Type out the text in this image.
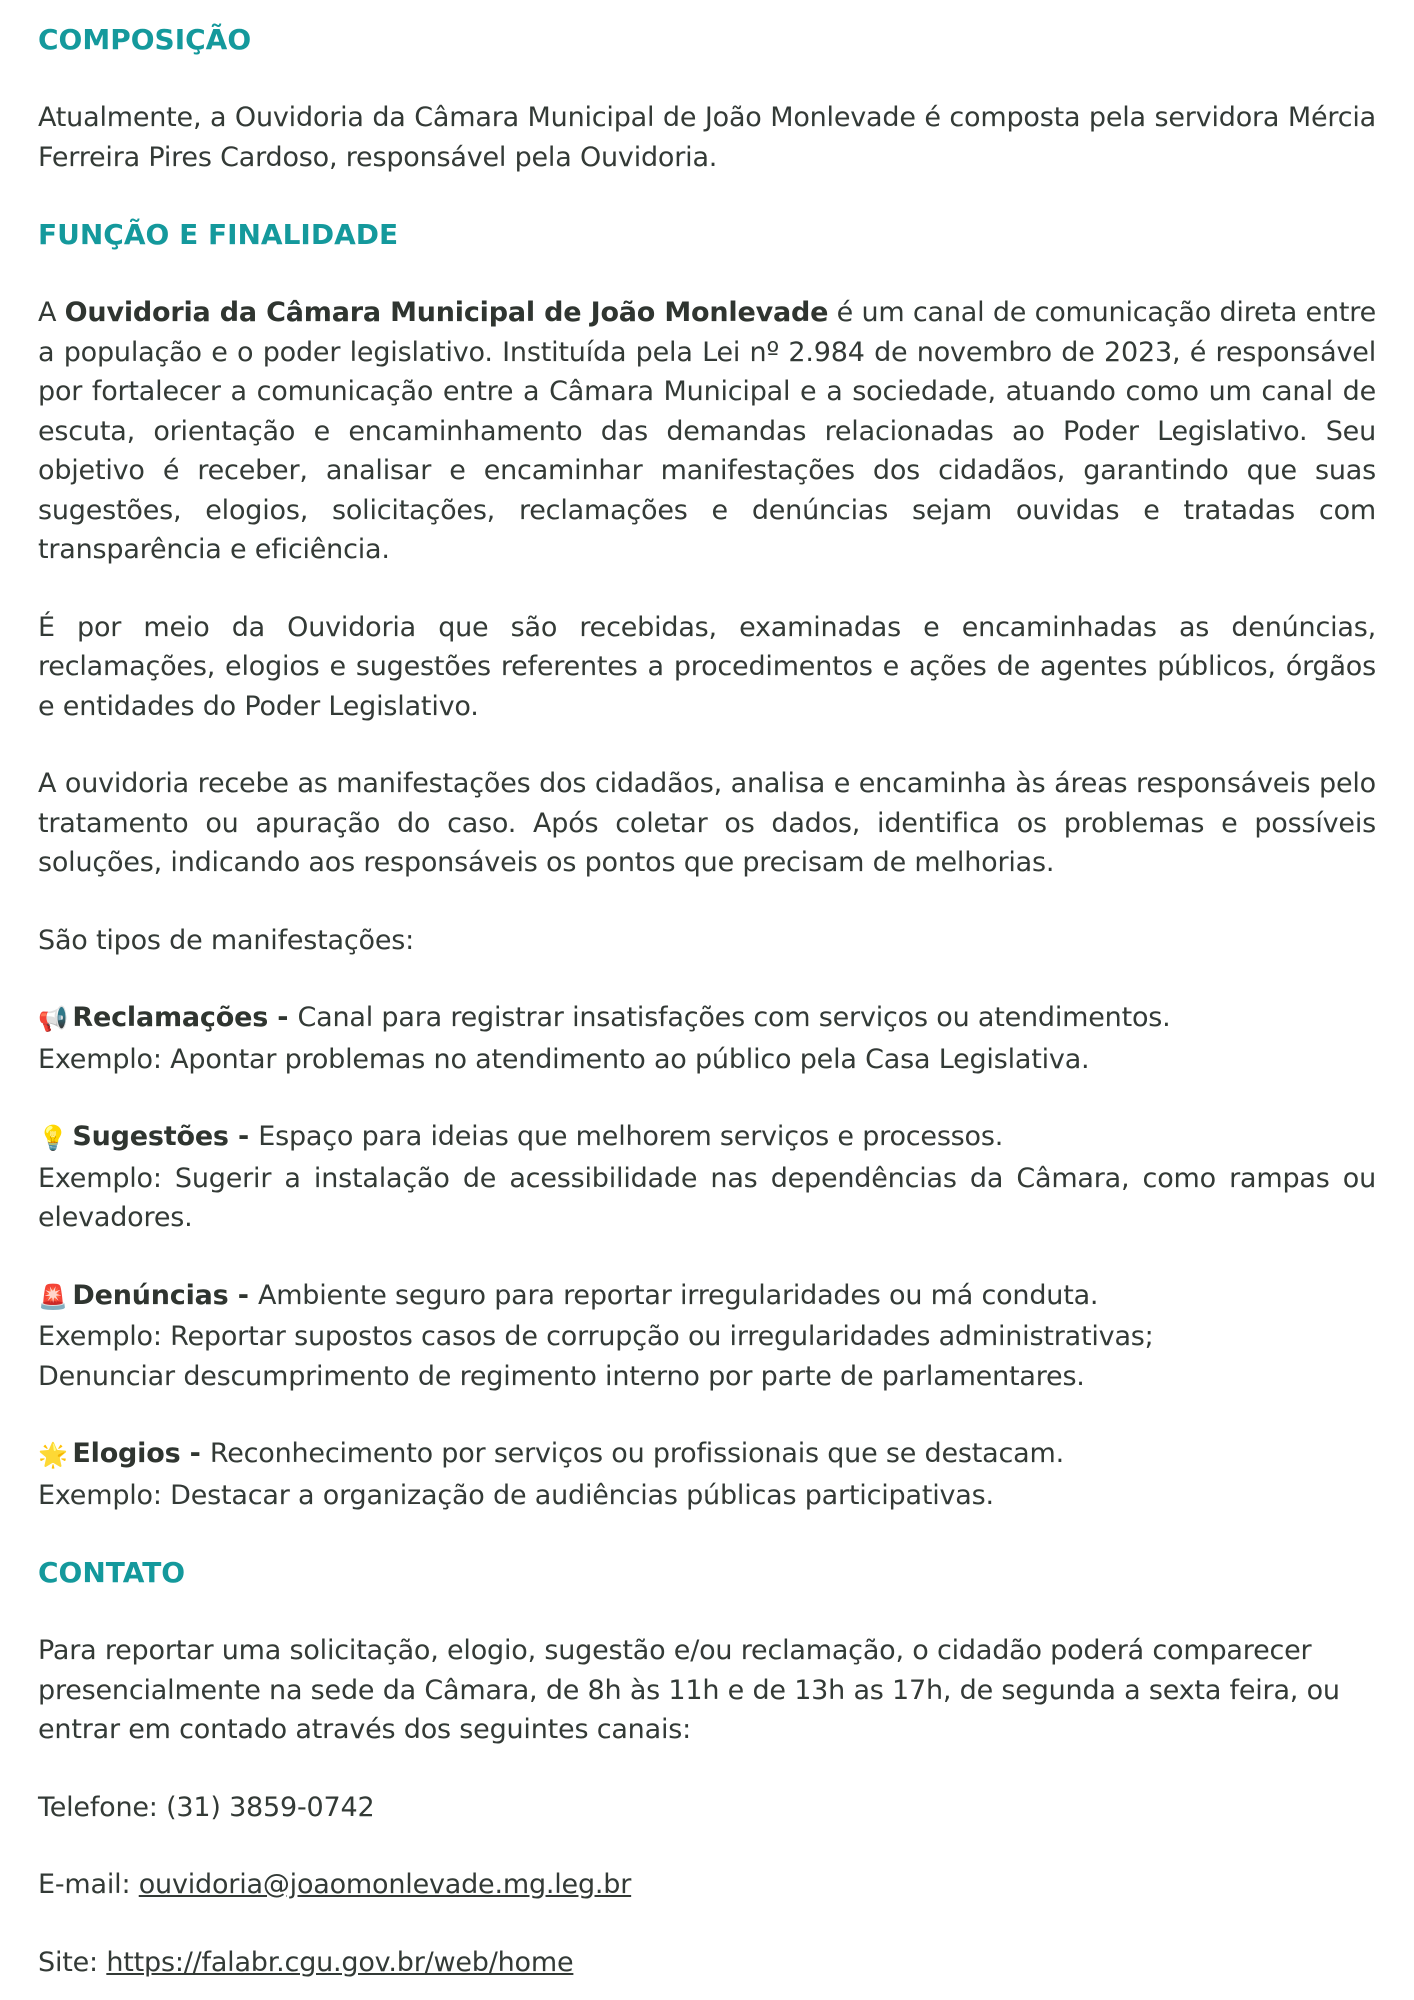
COMPOSIÇÃO

Atualmente, a Ouvidoria da Câmara Municipal de João Monlevade é composta pela servidora Mércia Ferreira Pires Cardoso, responsável pela Ouvidoria.

FUNÇÃO E FINALIDADE

A Ouvidoria da Câmara Municipal de João Monlevade é um canal de comunicação direta entre a população e o poder legislativo. Instituída pela Lei nº 2.984 de novembro de 2023, é responsável por fortalecer a comunicação entre a Câmara Municipal e a sociedade, atuando como um canal de escuta, orientação e encaminhamento das demandas relacionadas ao Poder Legislativo. Seu objetivo é receber, analisar e encaminhar manifestações dos cidadãos, garantindo que suas sugestões, elogios, solicitações, reclamações e denúncias sejam ouvidas e tratadas com transparência e eficiência.

É por meio da Ouvidoria que são recebidas, examinadas e encaminhadas as denúncias, reclamações, elogios e sugestões referentes a procedimentos e ações de agentes públicos, órgãos e entidades do Poder Legislativo.

A ouvidoria recebe as manifestações dos cidadãos, analisa e encaminha às áreas responsáveis pelo tratamento ou apuração do caso. Após coletar os dados, identifica os problemas e possíveis soluções, indicando aos responsáveis os pontos que precisam de melhorias.

São tipos de manifestações:

📢 Reclamações - Canal para registrar insatisfações com serviços ou atendimentos.

Exemplo: Apontar problemas no atendimento ao público pela Casa Legislativa.

💡 Sugestões - Espaço para ideias que melhorem serviços e processos.

Exemplo: Sugerir a instalação de acessibilidade nas dependências da Câmara, como rampas ou elevadores.

🚨 Denúncias - Ambiente seguro para reportar irregularidades ou má conduta.

Exemplo: Reportar supostos casos de corrupção ou irregularidades administrativas;

Denunciar descumprimento de regimento interno por parte de parlamentares.

🌟 Elogios - Reconhecimento por serviços ou profissionais que se destacam.

Exemplo: Destacar a organização de audiências públicas participativas.

CONTATO

Para reportar uma solicitação, elogio, sugestão e/ou reclamação, o cidadão poderá comparecer presencialmente na sede da Câmara, de 8h às 11h e de 13h as 17h, de segunda a sexta feira, ou entrar em contado através dos seguintes canais:

Telefone: (31) 3859-0742

E-mail: ouvidoria@joaomonlevade.mg.leg.br

Site: https://falabr.cgu.gov.br/web/home
